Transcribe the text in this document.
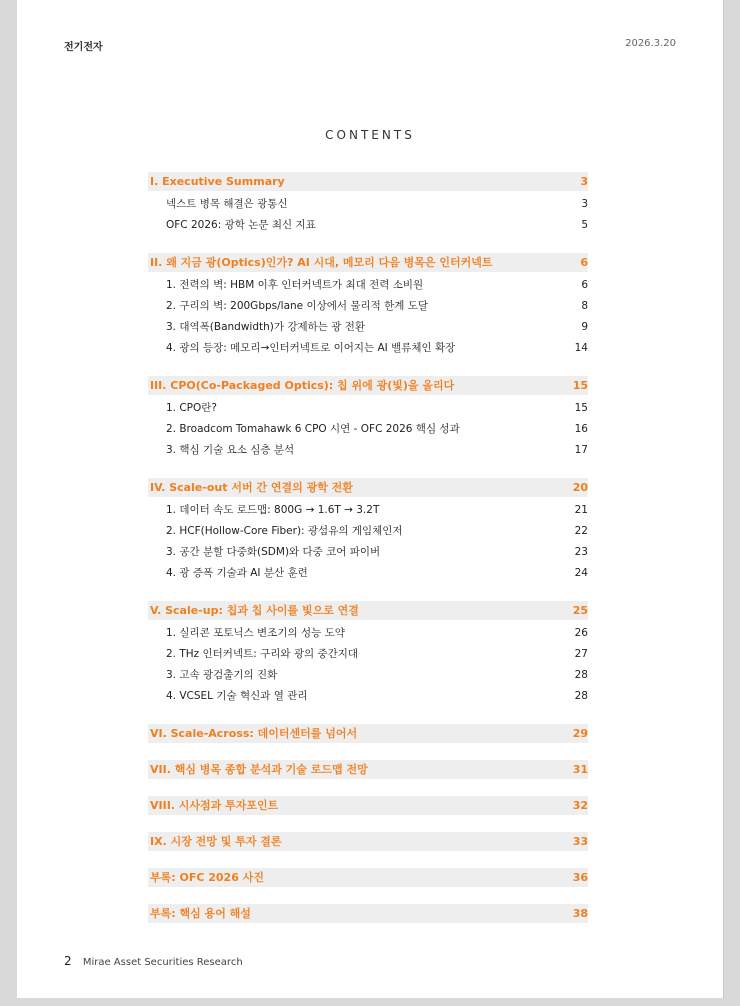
전기전자	2026.3.20
CONTENTS
I. Executive Summary	3
넥스트 병목 해결은 광통신	3
OFC 2026: 광학 논문 최신 지표	5
II. 왜 지금 광(Optics)인가? AI 시대, 메모리 다음 병목은 인터커넥트	6
1. 전력의 벽: HBM 이후 인터커넥트가 최대 전력 소비원	6
2. 구리의 벽: 200Gbps/lane 이상에서 물리적 한계 도달	8
3. 대역폭(Bandwidth)가 강제하는 광 전환	9
4. 광의 등장: 메모리→인터커넥트로 이어지는 AI 밸류체인 확장	14
III. CPO(Co-Packaged Optics): 칩 위에 광(빛)을 올리다	15
1. CPO란?	15
2. Broadcom Tomahawk 6 CPO 시연 - OFC 2026 핵심 성과	16
3. 핵심 기술 요소 심층 분석	17
IV. Scale-out 서버 간 연결의 광학 전환	20
1. 데이터 속도 로드맵: 800G → 1.6T → 3.2T	21
2. HCF(Hollow-Core Fiber): 광섬유의 게임체인저	22
3. 공간 분할 다중화(SDM)와 다중 코어 파이버	23
4. 광 증폭 기술과 AI 분산 훈련	24
V. Scale-up: 칩과 칩 사이를 빛으로 연결	25
1. 실리콘 포토닉스 변조기의 성능 도약	26
2. THz 인터커넥트: 구리와 광의 중간지대	27
3. 고속 광검출기의 진화	28
4. VCSEL 기술 혁신과 열 관리	28
VI. Scale-Across: 데이터센터를 넘어서	29
VII. 핵심 병목 종합 분석과 기술 로드맵 전망	31
VIII. 시사점과 투자포인트	32
IX. 시장 전망 및 투자 결론	33
부록: OFC 2026 사진	36
부록: 핵심 용어 해설	38
2 Mirae Asset Securities Research
